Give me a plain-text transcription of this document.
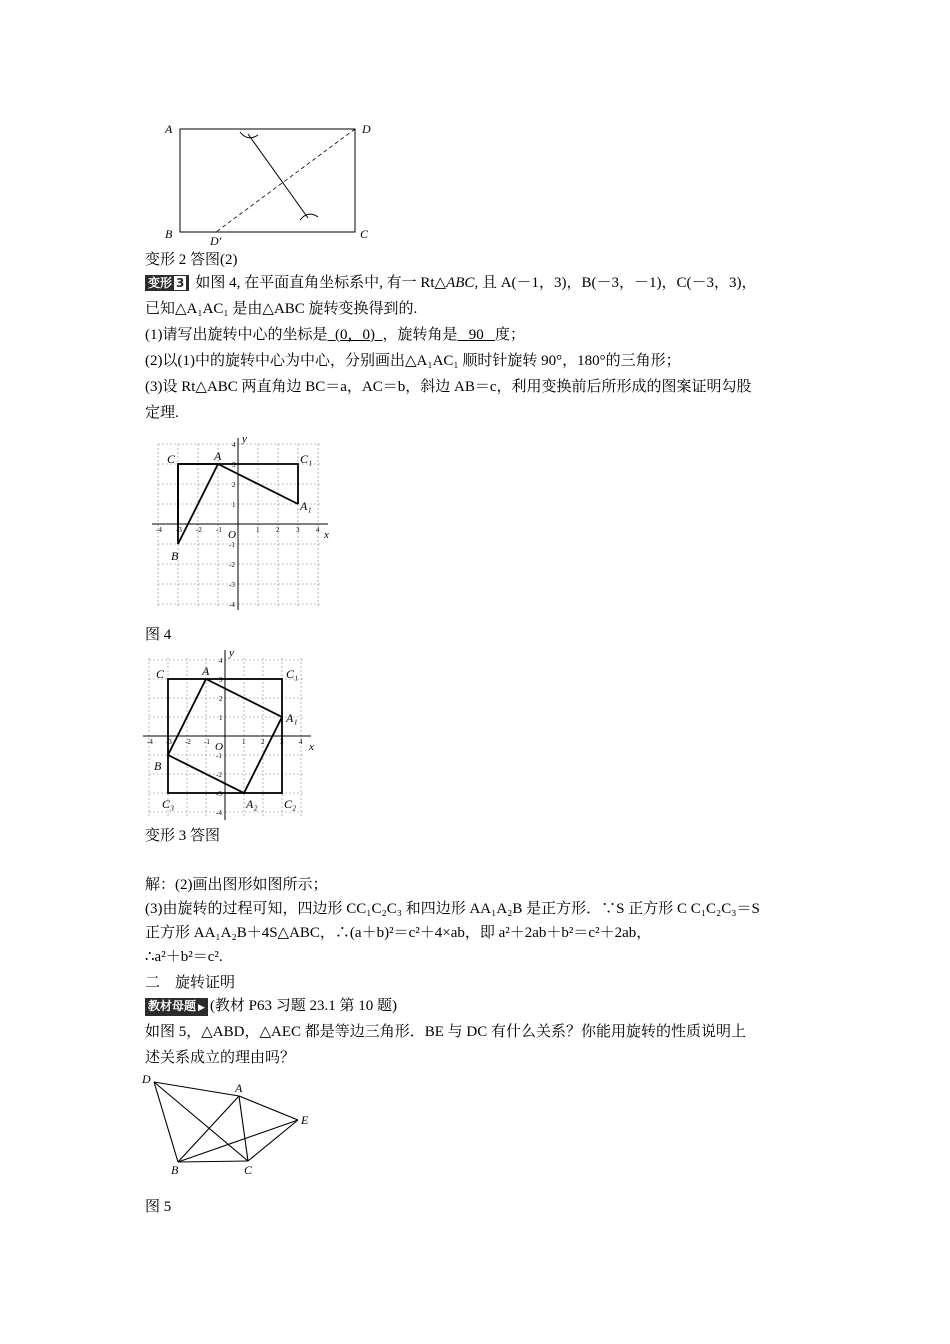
A	D
B	C
D′
变形 2 答图(2)
变形 3 如图 4, 在平面直角坐标系中, 有一 Rt△ABC, 且 A(－1，3)，B(－3，－1)，C(－3，3)，
已知△A₁AC₁ 是由△ABC 旋转变换得到的.
(1)请写出旋转中心的坐标是 (0，0) ，旋转角是 90 度；
(2)以(1)中的旋转中心为中心，分别画出△A₁AC₁ 顺时针旋转 90°，180°的三角形；
(3)设 Rt△ABC 两直角边 BC＝a，AC＝b，斜边 AB＝c，利用变换前后所形成的图案证明勾股
定理.
y
x
O
C	A	C₁
A₁
B
-4 -3 -2 -1	1 2 3 4
4
3
2
1
-1
-2
-3
-4
图 4
y
x
O
C	A	C₁
A₁
B
C₃	A₂ C₂
-4 -3 -2 -1	1 2 3 4
4
3
2
1
-1
-2
-3
-4
变形 3 答图
解：(2)画出图形如图所示；
(3)由旋转的过程可知，四边形 CC₁C₂C₃ 和四边形 AA₁A₂B 是正方形．∵S 正方形 C C₁C₂C₃＝S
正方形 AA₁A₂B＋4S△ABC，∴(a＋b)²＝c²＋4×ab，即 a²＋2ab＋b²＝c²＋2ab，
∴a²＋b²＝c².
二　旋转证明
教材母题 ▶ (教材 P63 习题 23.1 第 10 题)
如图 5，△ABD，△AEC 都是等边三角形．BE 与 DC 有什么关系？你能用旋转的性质说明上
述关系成立的理由吗？
D
A
E
B	C
图 5
